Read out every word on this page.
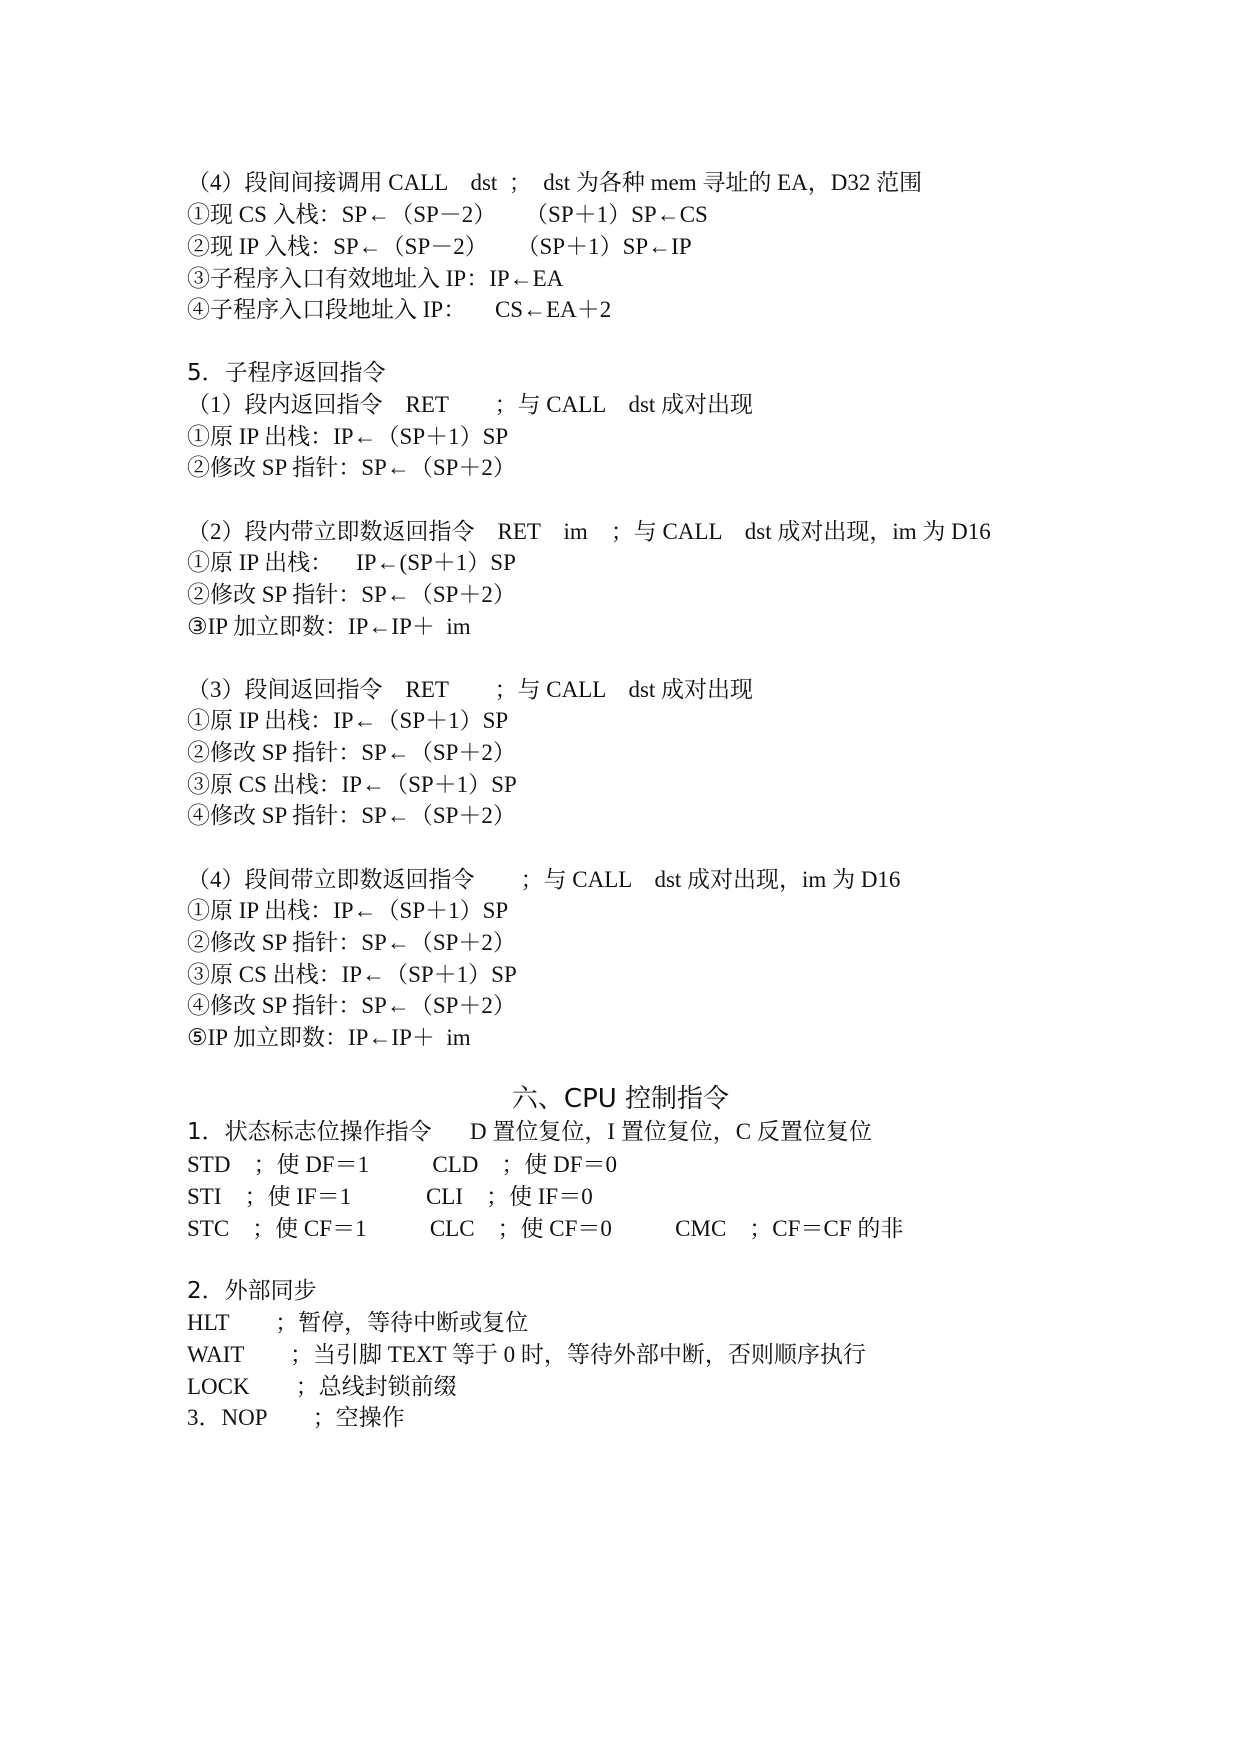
（4）段间间接调用 CALL    dst  ；  dst 为各种 mem 寻址的 EA，D32 范围
①现 CS 入栈：SP←（SP－2）     （SP＋1）SP←CS
②现 IP 入栈：SP←（SP－2）     （SP＋1）SP←IP
③子程序入口有效地址入 IP：IP←EA
④子程序入口段地址入 IP：     CS←EA＋2
5．子程序返回指令
（1）段内返回指令    RET        ；与 CALL    dst 成对出现
①原 IP 出栈：IP←（SP＋1）SP
②修改 SP 指针：SP←（SP＋2）
（2）段内带立即数返回指令    RET    im    ；与 CALL    dst 成对出现，im 为 D16
①原 IP 出栈：    IP←(SP＋1）SP
②修改 SP 指针：SP←（SP＋2）
③IP 加立即数：IP←IP＋  im
（3）段间返回指令    RET        ；与 CALL    dst 成对出现
①原 IP 出栈：IP←（SP＋1）SP
②修改 SP 指针：SP←（SP＋2）
③原 CS 出栈：IP←（SP＋1）SP
④修改 SP 指针：SP←（SP＋2）
（4）段间带立即数返回指令        ；与 CALL    dst 成对出现，im 为 D16
①原 IP 出栈：IP←（SP＋1）SP
②修改 SP 指针：SP←（SP＋2）
③原 CS 出栈：IP←（SP＋1）SP
④修改 SP 指针：SP←（SP＋2）
⑤IP 加立即数：IP←IP＋  im
六、CPU 控制指令
1．状态标志位操作指令 D 置位复位，I 置位复位，C 反置位复位
STD    ；使 DF＝1           CLD    ；使 DF＝0
STI    ；使 IF＝1             CLI    ；使 IF＝0
STC    ；使 CF＝1           CLC    ；使 CF＝0           CMC    ；CF＝CF 的非
2．外部同步
HLT        ；暂停，等待中断或复位
WAIT        ；当引脚 TEXT 等于 0 时，等待外部中断，否则顺序执行
LOCK        ；总线封锁前缀
3．NOP        ；空操作
